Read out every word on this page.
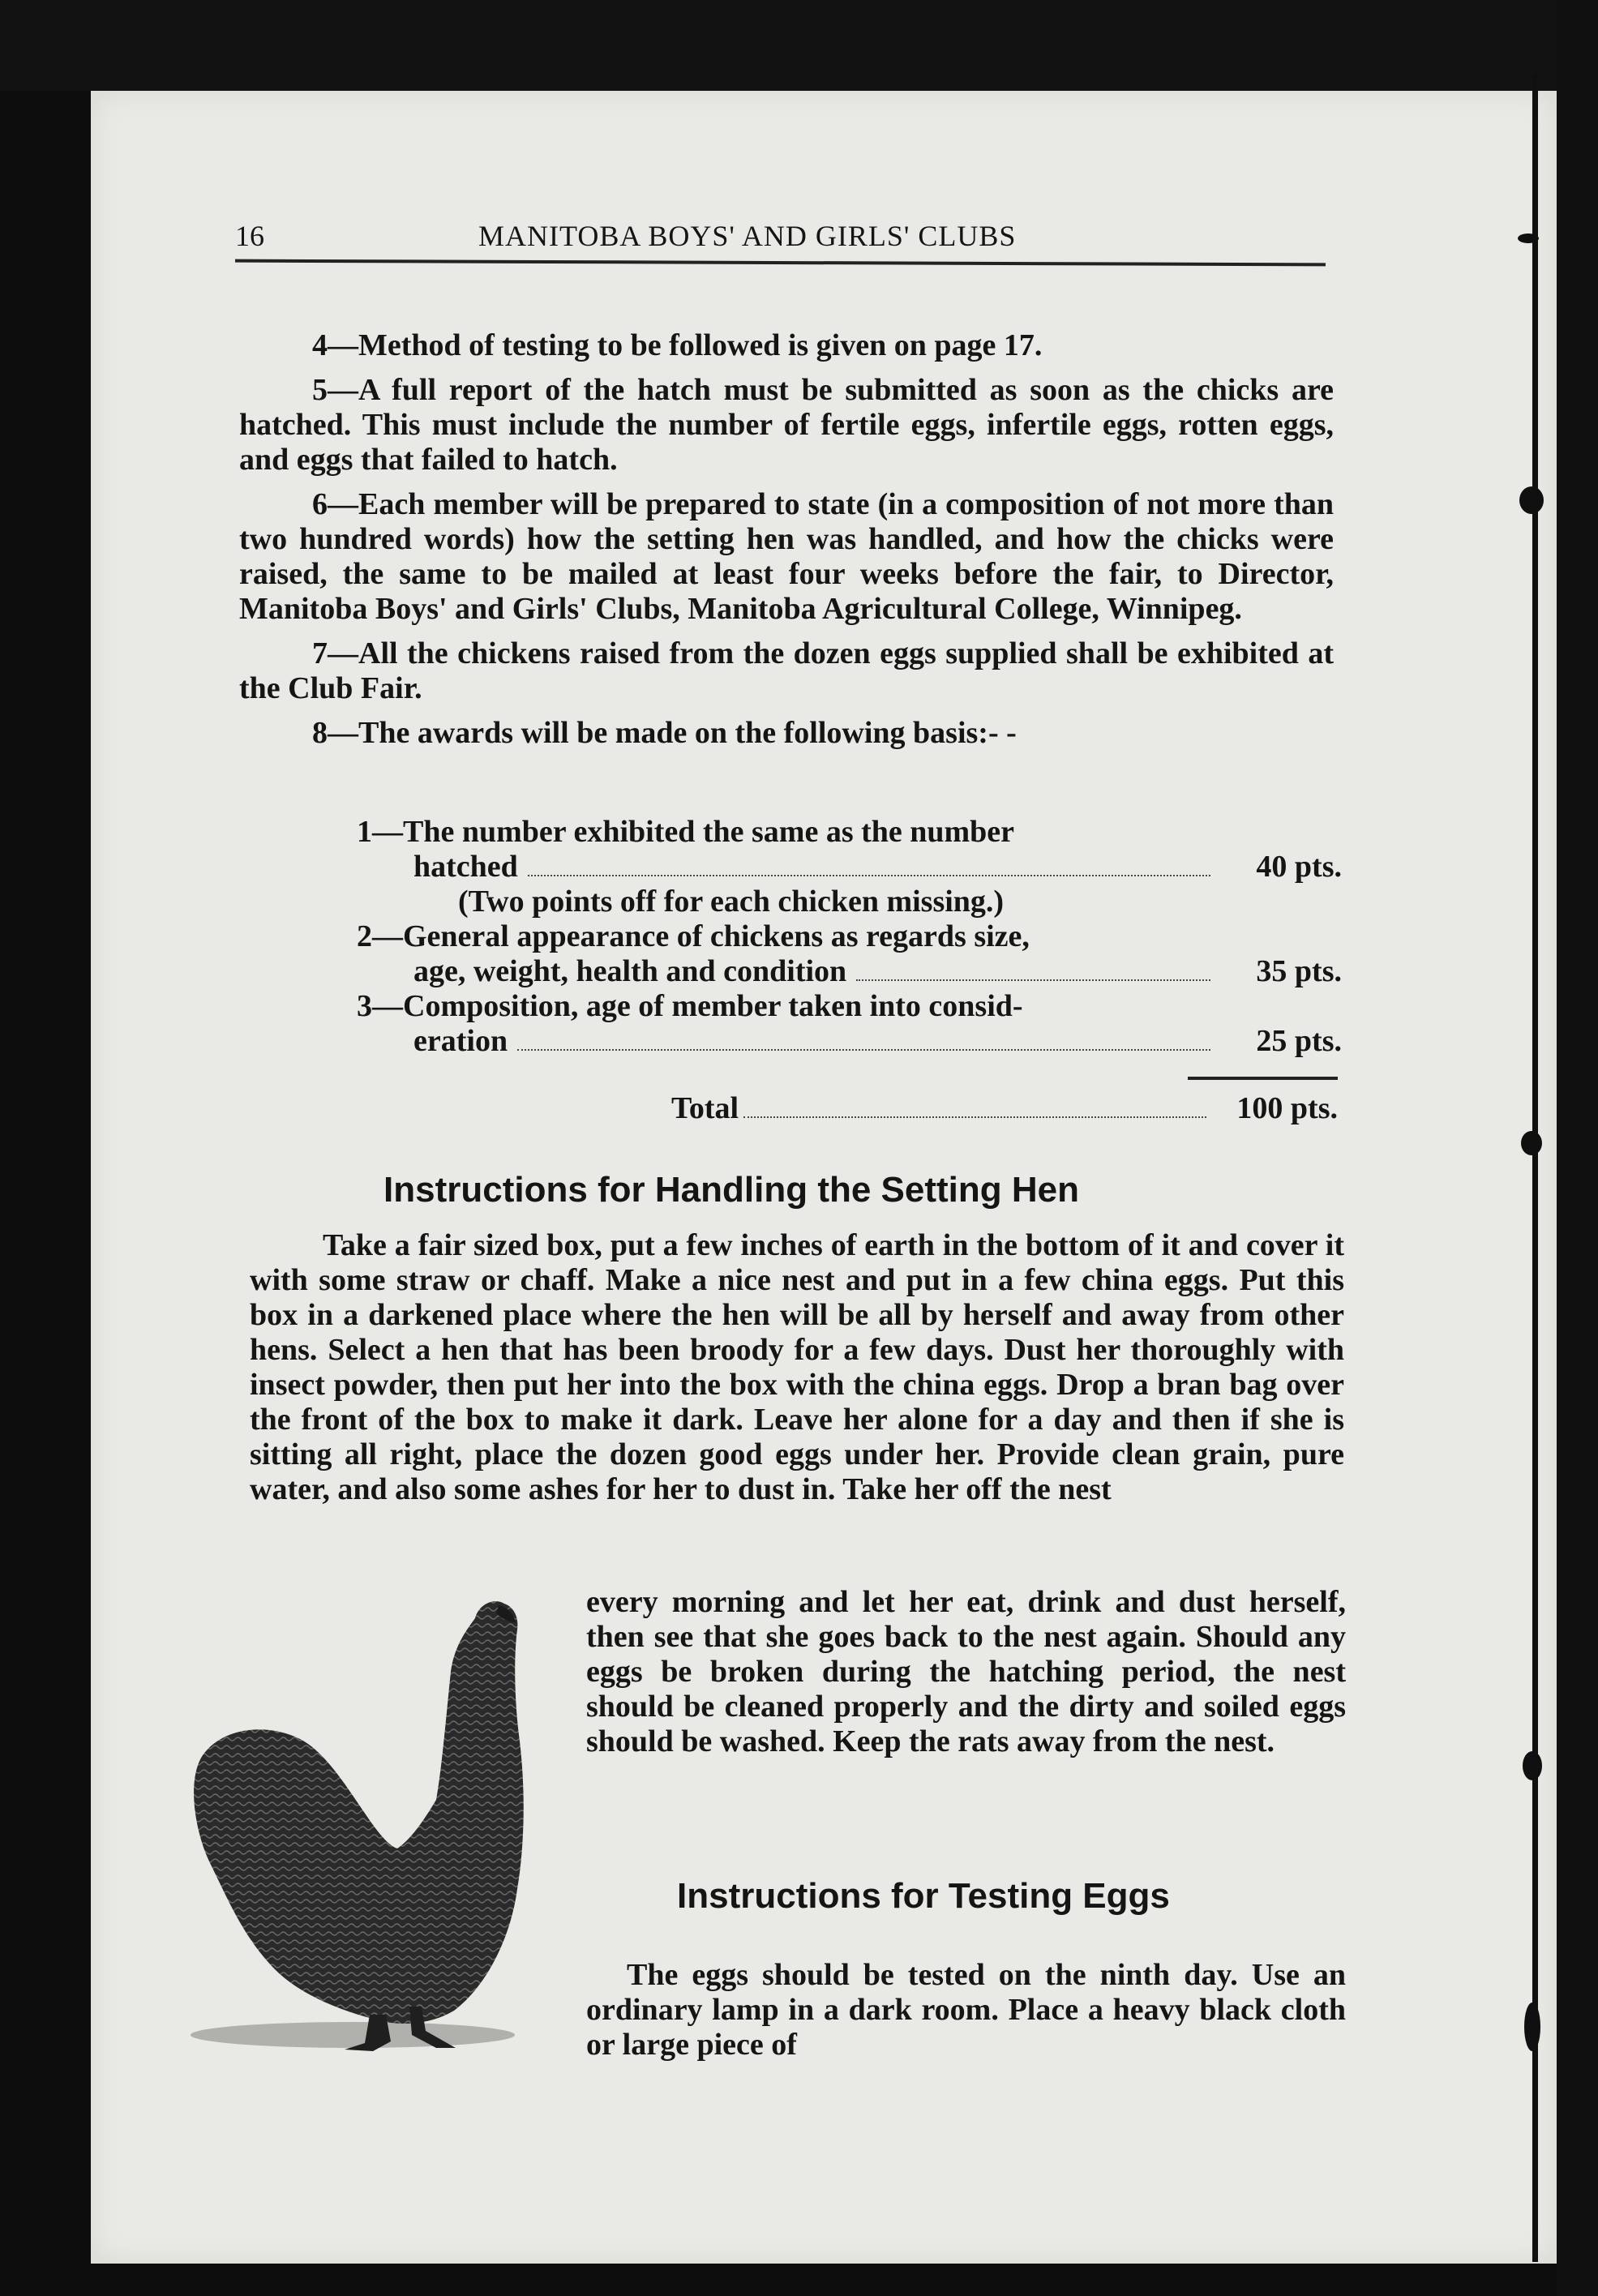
16	MANITOBA BOYS' AND GIRLS' CLUBS

4—Method of testing to be followed is given on page 17.

5—A full report of the hatch must be submitted as soon as the chicks are hatched. This must include the number of fertile eggs, infertile eggs, rotten eggs, and eggs that failed to hatch.

6—Each member will be prepared to state (in a composition of not more than two hundred words) how the setting hen was handled, and how the chicks were raised, the same to be mailed at least four weeks before the fair, to Director, Manitoba Boys' and Girls' Clubs, Manitoba Agricultural College, Winnipeg.

7—All the chickens raised from the dozen eggs supplied shall be exhibited at the Club Fair.

8—The awards will be made on the following basis:- -

1—The number exhibited the same as the number
hatched	40 pts.
(Two points off for each chicken missing.)
2—General appearance of chickens as regards size,
age, weight, health and condition	35 pts.
3—Composition, age of member taken into consid-
eration	25 pts.
Total	100 pts.
Instructions for Handling the Setting Hen

Take a fair sized box, put a few inches of earth in the bottom of it and cover it with some straw or chaff. Make a nice nest and put in a few china eggs. Put this box in a darkened place where the hen will be all by herself and away from other hens. Select a hen that has been broody for a few days. Dust her thoroughly with insect powder, then put her into the box with the china eggs. Drop a bran bag over the front of the box to make it dark. Leave her alone for a day and then if she is sitting all right, place the dozen good eggs under her. Provide clean grain, pure water, and also some ashes for her to dust in. Take her off the nest

every morning and let her eat, drink and dust herself, then see that she goes back to the nest again. Should any eggs be broken during the hatching period, the nest should be cleaned properly and the dirty and soiled eggs should be washed. Keep the rats away from the nest.

Instructions for Testing Eggs

The eggs should be tested on the ninth day. Use an ordinary lamp in a dark room. Place a heavy black cloth or large piece of
